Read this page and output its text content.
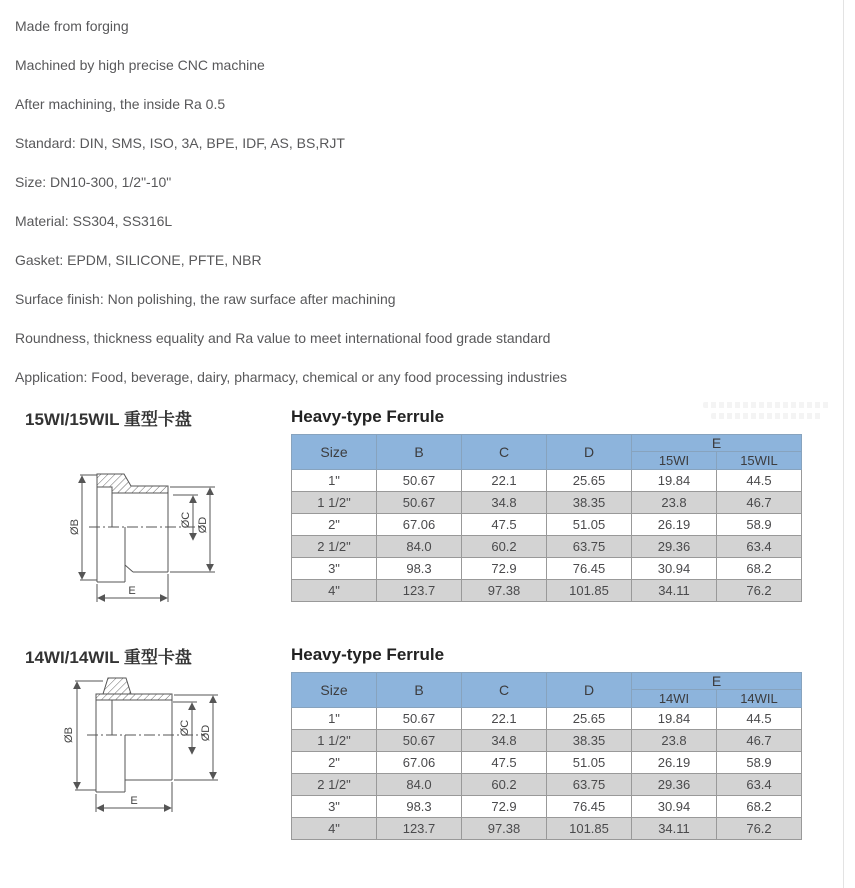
Made from forging
Machined by high precise CNC machine
After machining, the inside Ra 0.5
Standard: DIN, SMS, ISO, 3A, BPE, IDF, AS, BS,RJT
Size: DN10-300, 1/2"-10"
Material: SS304, SS316L
Gasket: EPDM, SILICONE, PFTE, NBR
Surface finish: Non polishing, the raw surface after machining
Roundness, thickness equality and Ra value to meet international food grade standard
Application: Food, beverage, dairy, pharmacy, chemical or any food processing industries
15WI/15WIL 重型卡盘	Heavy-type Ferrule
ØB	ØC ØD
E
Size	B	C	D	E	
				15WI	15WIL
1"	50.67	22.1	25.65	19.84	44.5
1 1/2"	50.67	34.8	38.35	23.8	46.7
2"	67.06	47.5	51.05	26.19	58.9
2 1/2"	84.0	60.2	63.75	29.36	63.4
3"	98.3	72.9	76.45	30.94	68.2
4"	123.7	97.38	101.85	34.11	76.2
14WI/14WIL 重型卡盘	Heavy-type Ferrule
ØB	ØC ØD
E
Size	B	C	D	E	
				14WI	14WIL
1"	50.67	22.1	25.65	19.84	44.5
1 1/2"	50.67	34.8	38.35	23.8	46.7
2"	67.06	47.5	51.05	26.19	58.9
2 1/2"	84.0	60.2	63.75	29.36	63.4
3"	98.3	72.9	76.45	30.94	68.2
4"	123.7	97.38	101.85	34.11	76.2
